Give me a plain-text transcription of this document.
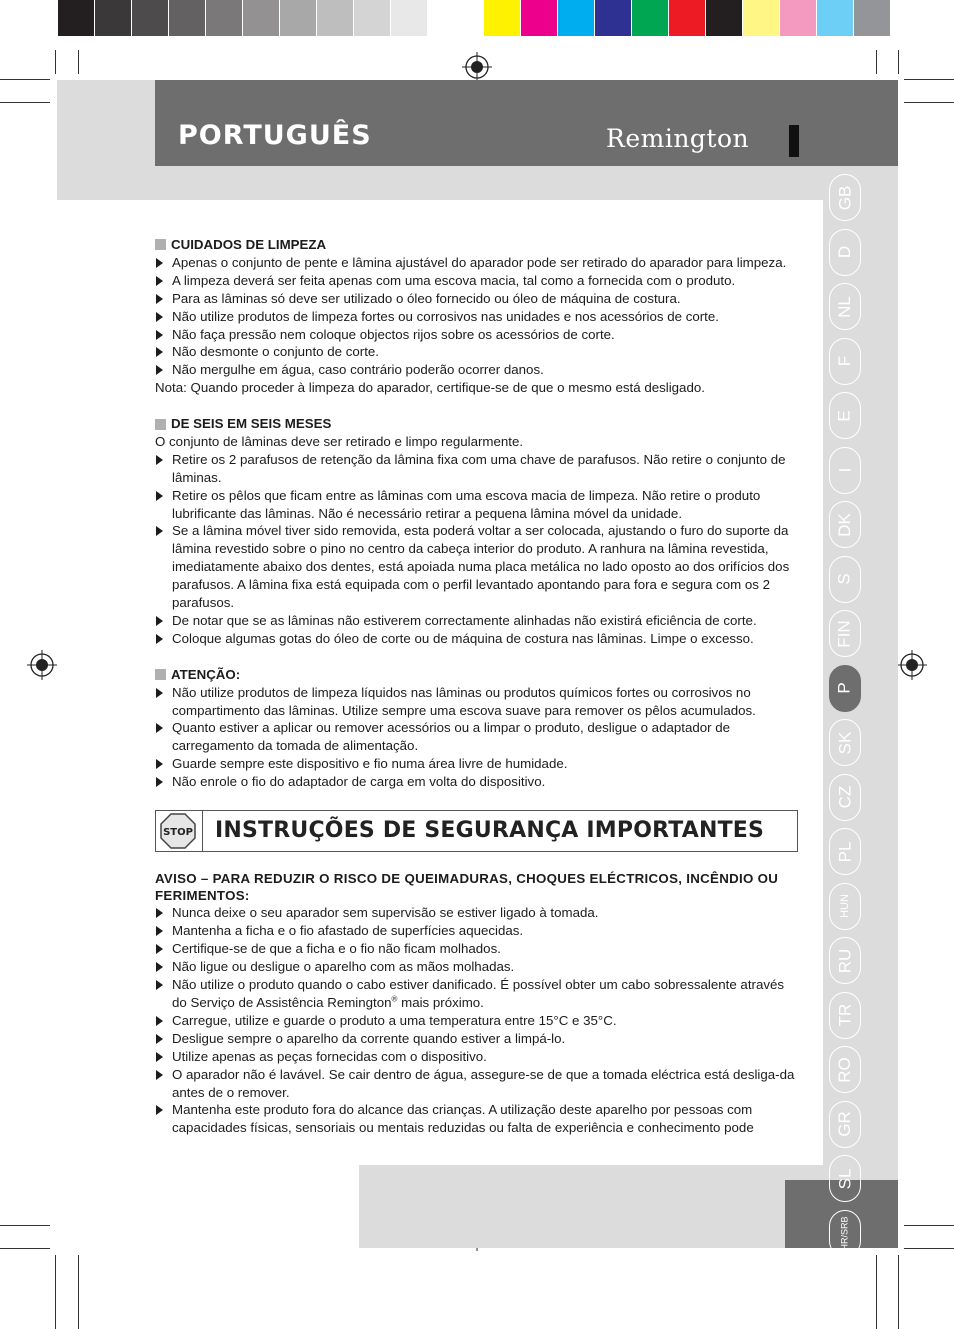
PORTUGUÊS	Remington
GB
D
NL
F
E
I
DK
S
FIN
P
SK
CZ
PL
HUN
RU
TR
RO
GR
SL
HR/SRB
AE
CUIDADOS DE LIMPEZA
Apenas o conjunto de pente e lâmina ajustável do aparador pode ser retirado do aparador para limpeza.
A limpeza deverá ser feita apenas com uma escova macia, tal como a fornecida com o produto.
Para as lâminas só deve ser utilizado o óleo fornecido ou óleo de máquina de costura.
Não utilize produtos de limpeza fortes ou corrosivos nas unidades e nos acessórios de corte.
Não faça pressão nem coloque objectos rijos sobre os acessórios de corte.
Não desmonte o conjunto de corte.
Não mergulhe em água, caso contrário poderão ocorrer danos.

Nota: Quando proceder à limpeza do aparador, certifique-se de que o mesmo está desligado.

DE SEIS EM SEIS MESES

O conjunto de lâminas deve ser retirado e limpo regularmente.

Retire os 2 parafusos de retenção da lâmina fixa com uma chave de parafusos. Não retire o conjunto de lâminas.
Retire os pêlos que ficam entre as lâminas com uma escova macia de limpeza. Não retire o produto lubrificante das lâminas. Não é necessário retirar a pequena lâmina móvel da unidade.
Se a lâmina móvel tiver sido removida, esta poderá voltar a ser colocada, ajustando o furo do suporte da lâmina revestido sobre o pino no centro da cabeça interior do produto. A ranhura na lâmina revestida, imediatamente abaixo dos dentes, está apoiada numa placa metálica no lado oposto ao dos orifícios dos parafusos. A lâmina fixa está equipada com o perfil levantado apontando para fora e segura com os 2 parafusos.
De notar que se as lâminas não estiverem correctamente alinhadas não existirá eficiência de corte.
Coloque algumas gotas do óleo de corte ou de máquina de costura nas lâminas. Limpe o excesso.
ATENÇÃO:
Não utilize produtos de limpeza líquidos nas lâminas ou produtos químicos fortes ou corrosivos no compartimento das lâminas. Utilize sempre uma escova suave para remover os pêlos acumulados.
Quanto estiver a aplicar ou remover acessórios ou a limpar o produto, desligue o adaptador de carregamento da tomada de alimentação.
Guarde sempre este dispositivo e fio numa área livre de humidade.
Não enrole o fio do adaptador de carga em volta do dispositivo.
STOP INSTRUÇÕES DE SEGURANÇA IMPORTANTES

AVISO – PARA REDUZIR O RISCO DE QUEIMADURAS, CHOQUES ELÉCTRICOS, INCÊNDIO OU FERIMENTOS:

Nunca deixe o seu aparador sem supervisão se estiver ligado à tomada.
Mantenha a ficha e o fio afastado de superfícies aquecidas.
Certifique-se de que a ficha e o fio não ficam molhados.
Não ligue ou desligue o aparelho com as mãos molhadas.
Não utilize o produto quando o cabo estiver danificado. É possível obter um cabo sobressalente através do Serviço de Assistência Remington® mais próximo.
Carregue, utilize e guarde o produto a uma temperatura entre 15°C e 35°C.
Desligue sempre o aparelho da corrente quando estiver a limpá-lo.
Utilize apenas as peças fornecidas com o dispositivo.
O aparador não é lavável. Se cair dentro de água, assegure-se de que a tomada eléctrica está desliga-da antes de o remover.
Mantenha este produto fora do alcance das crianças. A utilização deste aparelho por pessoas com capacidades físicas, sensoriais ou mentais reduzidas ou falta de experiência e conhecimento pode
